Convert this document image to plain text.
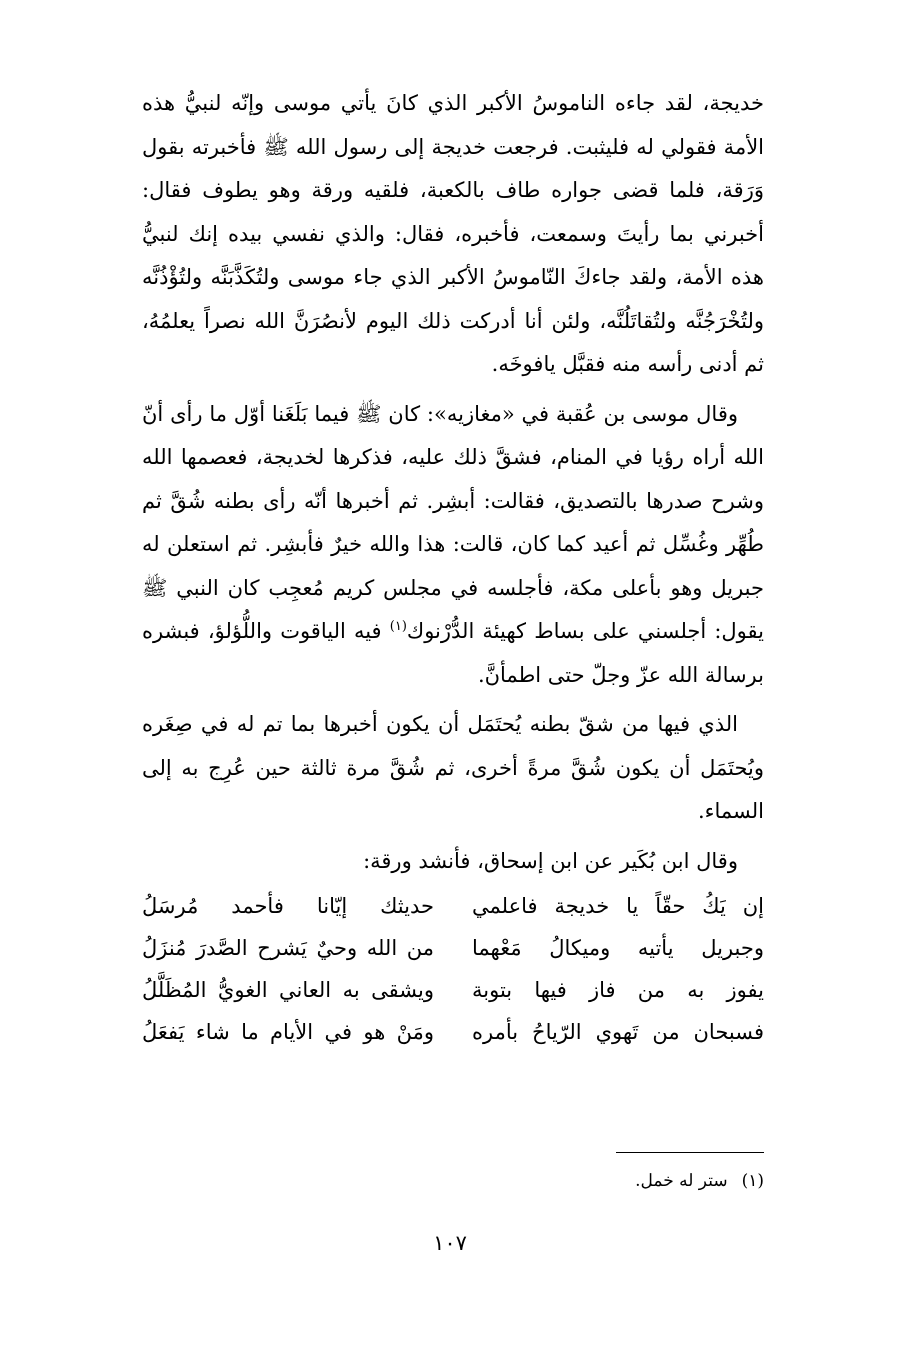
خديجة، لقد جاءه الناموسُ الأكبر الذي كانَ يأتي موسى وإنّه لنبيُّ هذه الأمة فقولي له فليثبت. فرجعت خديجة إلى رسول الله ﷺ فأخبرته بقول وَرَقة، فلما قضى جواره طاف بالكعبة، فلقيه ورقة وهو يطوف فقال: أخبرني بما رأيتَ وسمعت، فأخبره، فقال: والذي نفسي بيده إنك لنبيُّ هذه الأمة، ولقد جاءكَ النّاموسُ الأكبر الذي جاء موسى ولتُكَذَّبَنَّه ولتُؤْذُنَّه ولتُخْرَجُنَّه ولتُقاتَلُنَّه، ولئن أنا أدركت ذلك اليوم لأنصُرَنَّ الله نصراً يعلمُهُ، ثم أدنى رأسه منه فقبَّل يافوخَه.

وقال موسى بن عُقبة في «مغازيه»: كان ﷺ فيما بَلَغَنا أوّل ما رأى أنّ الله أراه رؤيا في المنام، فشقَّ ذلك عليه، فذكرها لخديجة، فعصمها الله وشرح صدرها بالتصديق، فقالت: أبشِر. ثم أخبرها أنّه رأى بطنه شُقَّ ثم طُهِّر وغُسِّل ثم أعيد كما كان، قالت: هذا والله خيرٌ فأبشِر. ثم استعلن له جبريل وهو بأعلى مكة، فأجلسه في مجلس كريم مُعجِب كان النبي ﷺ يقول: أجلسني على بساط كهيئة الدُّرْنوك$^{(١)}$ فيه الياقوت واللُّؤلؤ، فبشره برسالة الله عزّ وجلّ حتى اطمأنَّ.

الذي فيها من شقّ بطنه يُحتَمَل أن يكون أخبرها بما تم له في صِغَره ويُحتَمَل أن يكون شُقَّ مرةً أخرى، ثم شُقَّ مرة ثالثة حين عُرِج به إلى السماء.

وقال ابن بُكَير عن ابن إسحاق، فأنشد ورقة:

إن يَكُ حقّاً يا خديجة فاعلمي
حديثك إيّانا فأحمد مُرسَلُ
وجبريل يأتيه وميكالُ مَعْهما
من الله وحيٌ يَشرح الصَّدرَ مُنزَلُ
يفوز به من فاز فيها بتوبة
ويشقى به العاني الغويُّ المُظَلَّلُ
فسبحان من تَهوي الرّياحُ بأمره
ومَنْ هو في الأيام ما شاء يَفعَلُ
(١)ستر له خمل.
١٠٧
